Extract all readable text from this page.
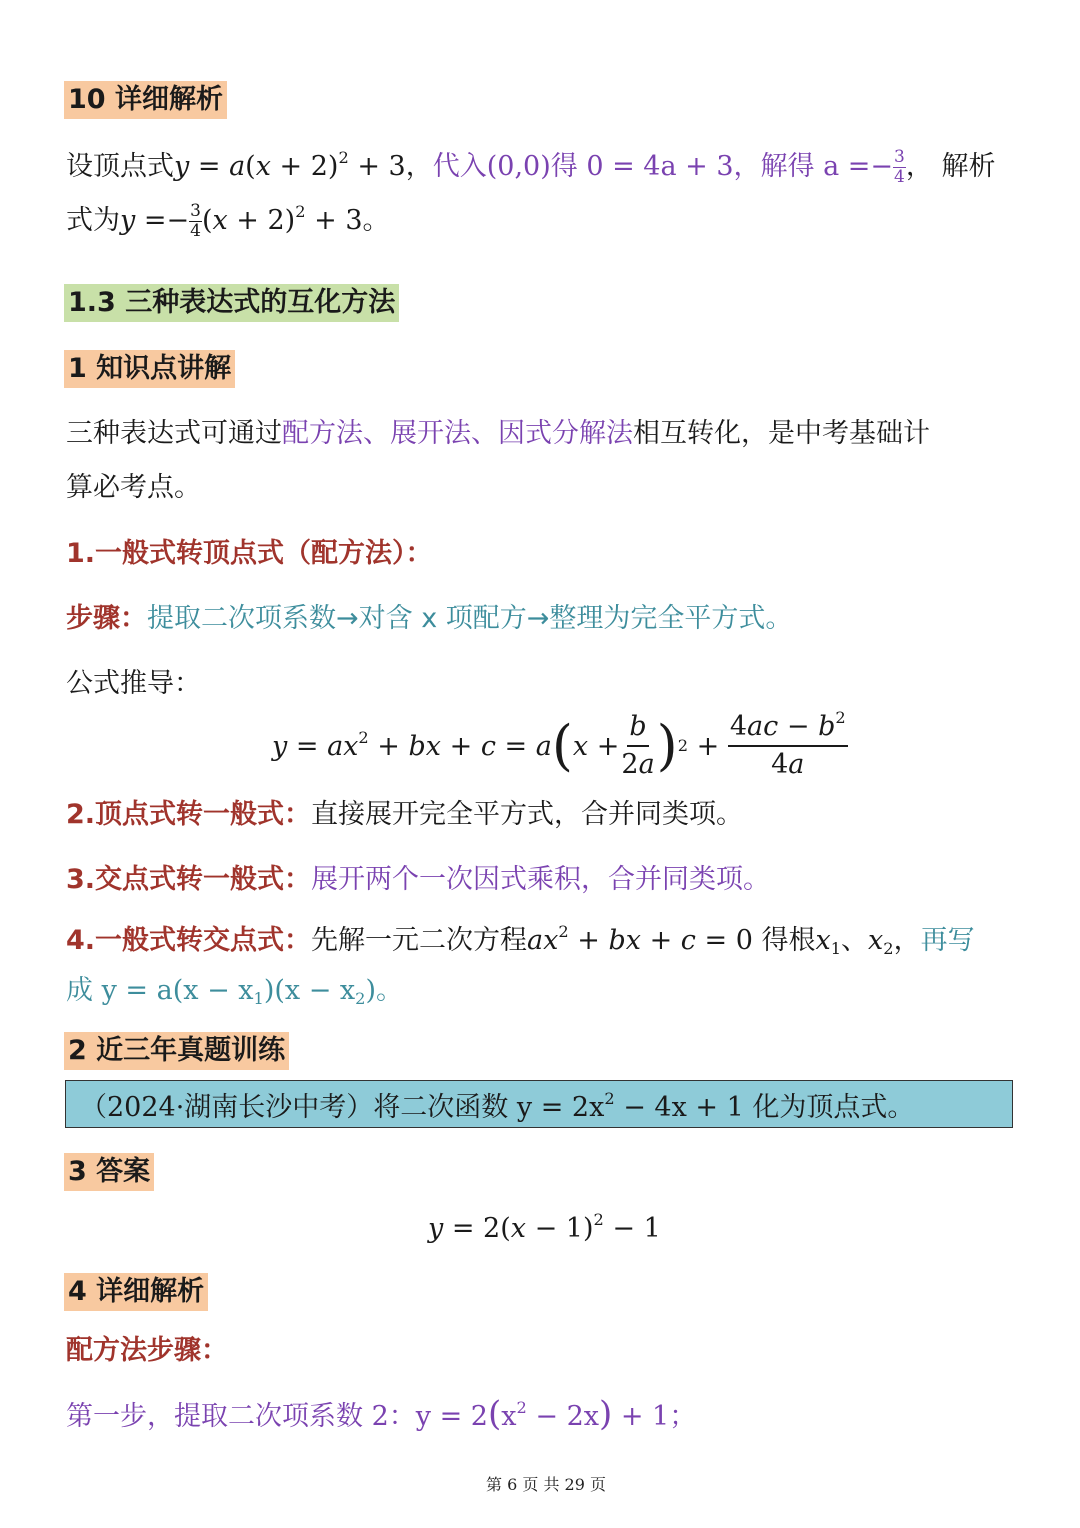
10 详细解析
设顶点式$y = a(x + 2)^2 + 3$，代入(0,0)得 0 = 4a + 3，解得 $a =- \frac{3}{4}$ ， 解析
式为$y =- \frac{3}{4} (x + 2)^2 + 3$。
1.3 三种表达式的互化方法
1 知识点讲解
三种表达式可通过配方法、展开法、因式分解法相互转化，是中考基础计
算必考点。
1.一般式转顶点式（配方法）：
步骤：提取二次项系数→对含 x 项配方→整理为完全平方式。
公式推导：
$y = ax^2$ + bx + c = a ( $x + \frac{b}{2a}$ ) $2 + \frac{4ac - b^2}{4a}$
2.顶点式转一般式：直接展开完全平方式，合并同类项。
3.交点式转一般式：展开两个一次因式乘积，合并同类项。
4.一般式转交点式：先解一元二次方程$ax^2$ + bx + c = 0 得根$x_1$、$x_2$，再写
成 $y = a(x - x_1)(x - x_2)$。
2 近三年真题训练
（2024·湖南长沙中考）将二次函数 $y = 2x^2 - 4x + 1$ 化为顶点式。
3 答案
$y = 2(x - 1)^2 - 1$
4 详细解析
配方法步骤：
第一步，提取二次项系数 2：$y = 2(x^2 - 2x) + 1$；
第 6 页 共 29 页
